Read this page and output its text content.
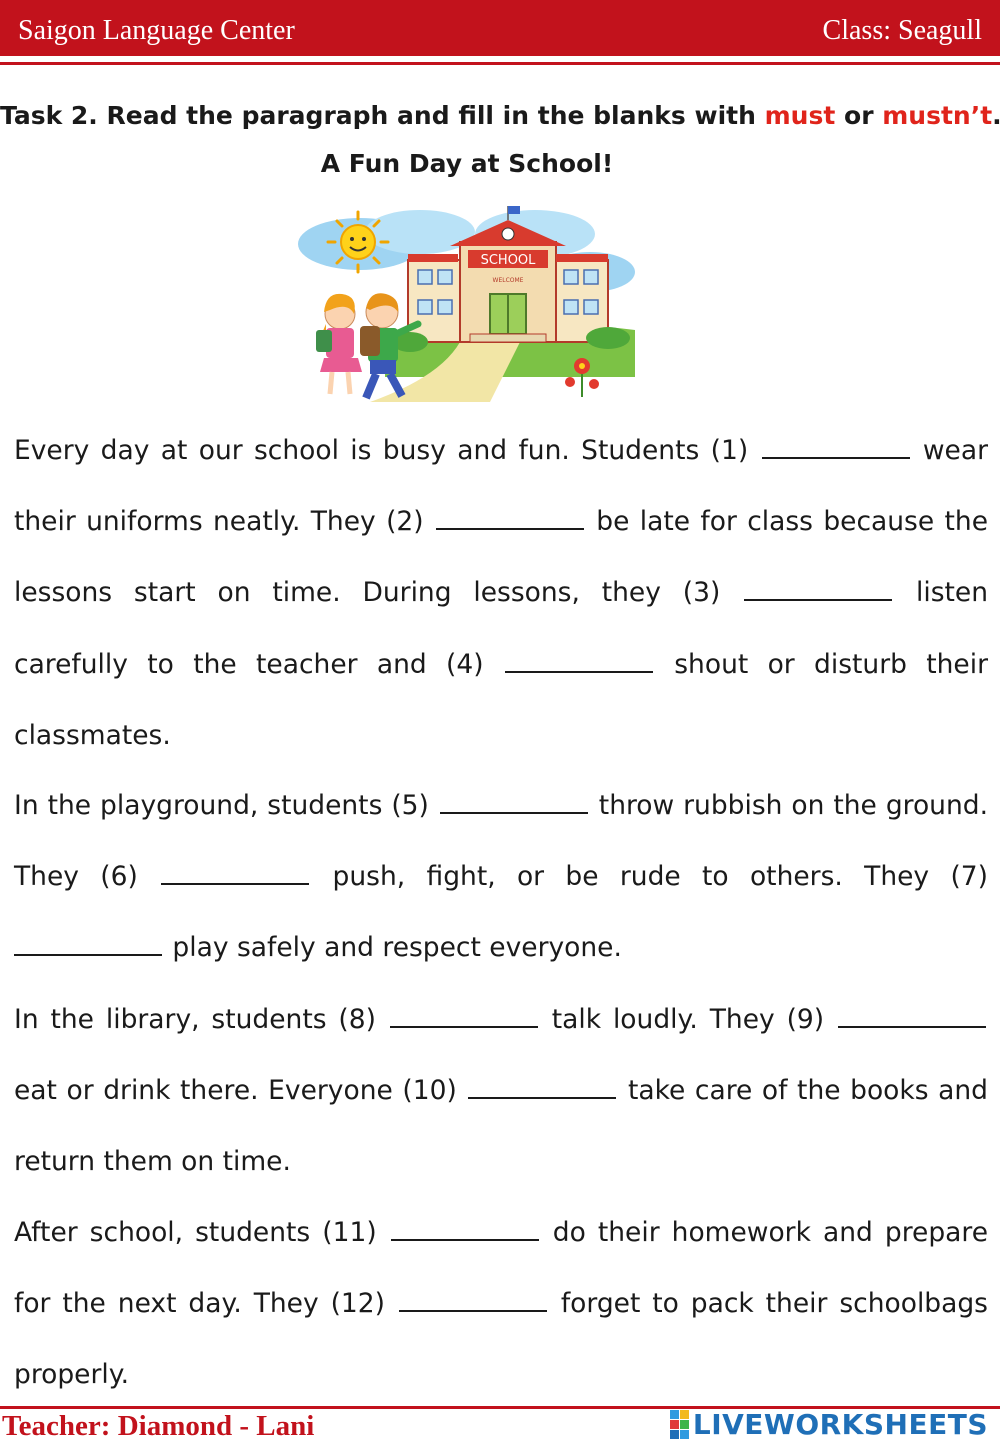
Saigon Language Center	Class: Seagull
Task 2. Read the paragraph and fill in the blanks with must or mustn’t.
A Fun Day at School!
SCHOOL
WELCOME

Every day at our school is busy and fun. Students (1)	wear their uniforms neatly. They (2)	be late for class because the lessons start on time. During lessons, they (3)	listen carefully to the teacher and (4)	shout or disturb their classmates.

In the playground, students (5)	throw rubbish on the ground. They (6)	push, fight, or be rude to others. They (7)  play safely and respect everyone.

In the library, students (8)	talk loudly. They (9)  eat or drink there. Everyone (10)	take care of the books and return them on time.

After school, students (11)	do their homework and prepare for the next day. They (12)	forget to pack their schoolbags properly.

Teacher: Diamond - Lani	LIVEWORKSHEETS
